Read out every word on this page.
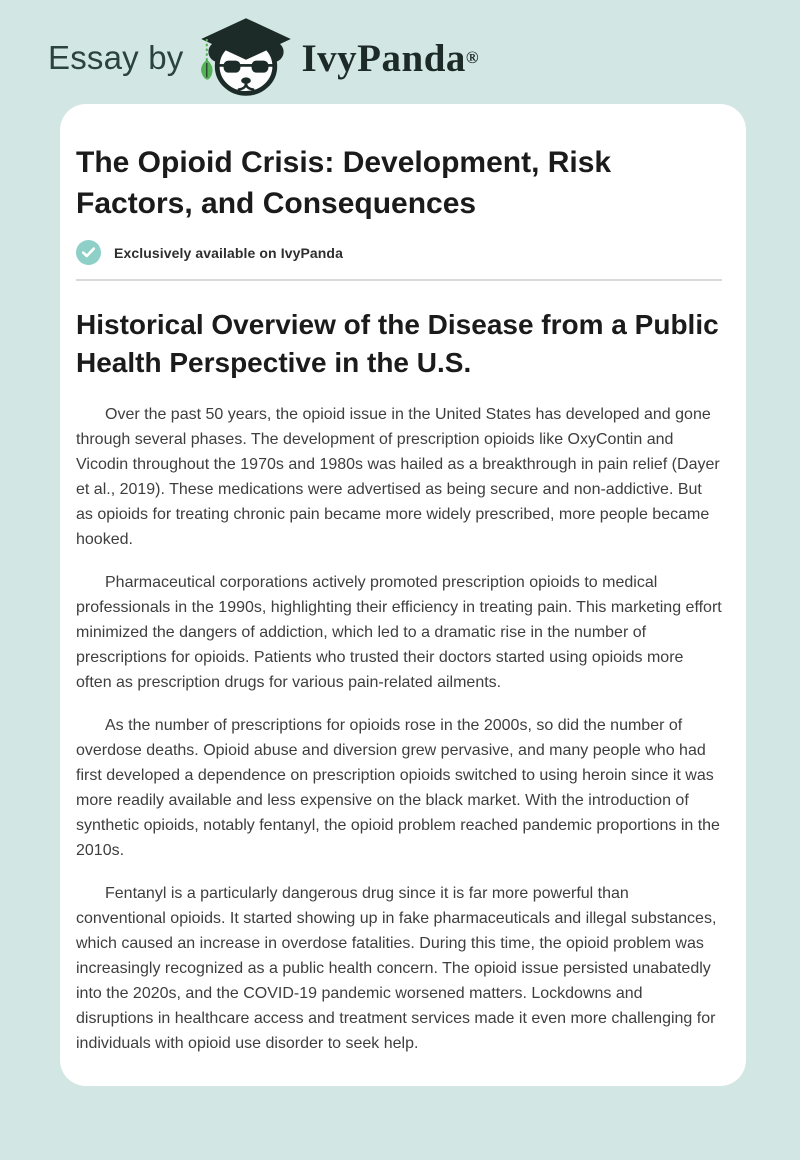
Essay by	IvyPanda ®
The Opioid Crisis: Development, Risk Factors, and Consequences
Exclusively available on IvyPanda
Historical Overview of the Disease from a Public Health Perspective in the U.S.

Over the past 50 years, the opioid issue in the United States has developed and gone through several phases. The development of prescription opioids like OxyContin and Vicodin throughout the 1970s and 1980s was hailed as a breakthrough in pain relief (Dayer et al., 2019). These medications were advertised as being secure and non-addictive. But as opioids for treating chronic pain became more widely prescribed, more people became hooked.

Pharmaceutical corporations actively promoted prescription opioids to medical professionals in the 1990s, highlighting their efficiency in treating pain. This marketing effort minimized the dangers of addiction, which led to a dramatic rise in the number of prescriptions for opioids. Patients who trusted their doctors started using opioids more often as prescription drugs for various pain-related ailments.

As the number of prescriptions for opioids rose in the 2000s, so did the number of overdose deaths. Opioid abuse and diversion grew pervasive, and many people who had first developed a dependence on prescription opioids switched to using heroin since it was more readily available and less expensive on the black market. With the introduction of synthetic opioids, notably fentanyl, the opioid problem reached pandemic proportions in the 2010s.

Fentanyl is a particularly dangerous drug since it is far more powerful than conventional opioids. It started showing up in fake pharmaceuticals and illegal substances, which caused an increase in overdose fatalities. During this time, the opioid problem was increasingly recognized as a public health concern. The opioid issue persisted unabatedly into the 2020s, and the COVID-19 pandemic worsened matters. Lockdowns and disruptions in healthcare access and treatment services made it even more challenging for individuals with opioid use disorder to seek help.
